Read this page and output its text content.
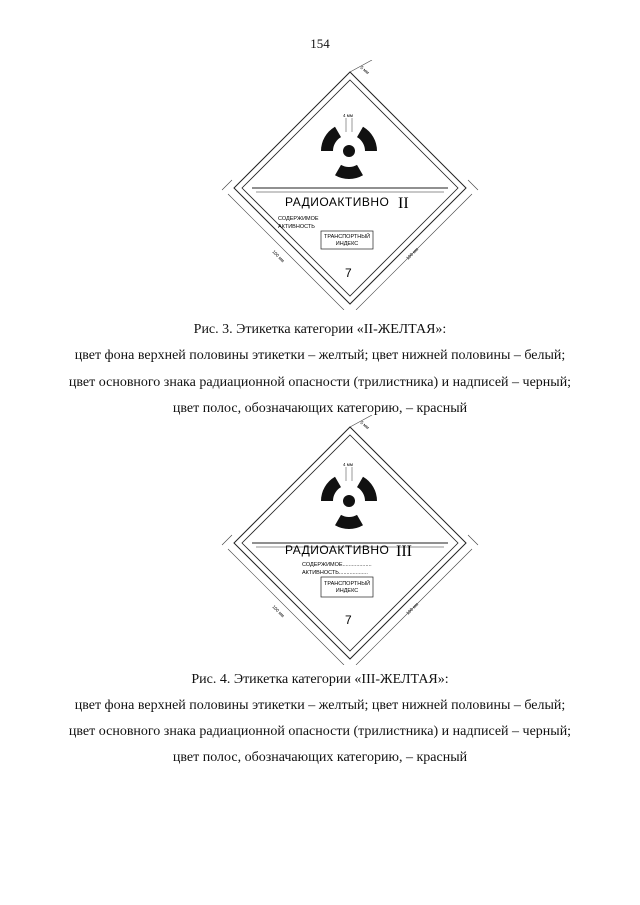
154
5 мм
100 мм	100 мм
4 мм
РАДИОАКТИВНО II
СОДЕРЖИМОЕ
АКТИВНОСТЬ
ТРАНСПОРТНЫЙ
ИНДЕКС
7
Рис. 3. Этикетка категории «II-ЖЕЛТАЯ»:
цвет фона верхней половины этикетки – желтый; цвет нижней половины – белый;
цвет основного знака радиационной опасности (трилистника) и надписей – черный;
цвет полос, обозначающих категорию, – красный
5 мм
100 мм	100 мм
4 мм
РАДИОАКТИВНО III
СОДЕРЖИМОЕ...................
АКТИВНОСТЬ...................
ТРАНСПОРТНЫЙ
ИНДЕКС
7
Рис. 4. Этикетка категории «III-ЖЕЛТАЯ»:
цвет фона верхней половины этикетки – желтый; цвет нижней половины – белый;
цвет основного знака радиационной опасности (трилистника) и надписей – черный;
цвет полос, обозначающих категорию, – красный
